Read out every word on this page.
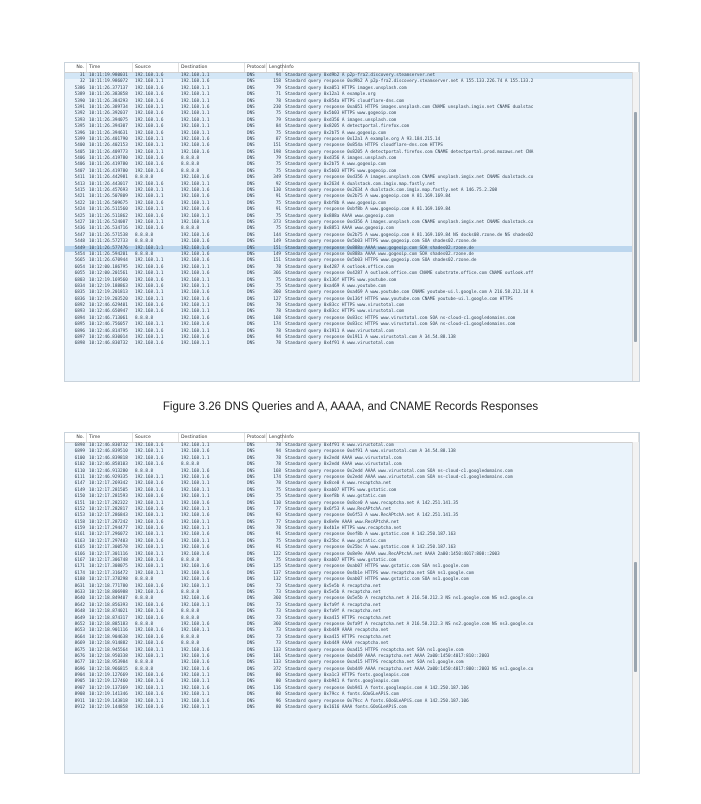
No.	Time	Source	Destination	Protocol Length Info
31 10:11:19.980031	192.168.1.6	192.168.1.1	DNS	94 Standard query 0xd9b2 A p2p-fra2.discovery.steamserver.net
32 10:11:19.986072	192.168.1.1	192.168.1.6	DNS	158 Standard query response 0xd9b2 A p2p-fra2.discovery.steamserver.net A 155.133.226.74 A 155.133.2
5386 10:11:26.377137	192.168.1.6	192.168.1.1	DNS	79 Standard query 0xa051 HTTPS images.unsplash.com
5389 10:11:26.383858	192.168.1.6	192.168.1.1	DNS	71 Standard query 0x12a1 A example.org
5390 10:11:26.384293	192.168.1.6	192.168.1.1	DNS	78 Standard query 0x854a HTTPS cloudflare-dns.com
5391 10:11:26.389734	192.168.1.1	192.168.1.6	DNS	230 Standard query response 0xa051 HTTPS images.unsplash.com CNAME unsplash.imgix.net CNAME dualstac
5392 10:11:26.392037	192.168.1.6	192.168.1.1	DNS	75 Standard query 0x5b03 HTTPS www.gogeoip.com
5393 10:11:26.394075	192.168.1.6	192.168.1.1	DNS	79 Standard query 0xd356 A images.unsplash.com
5395 10:11:26.394307	192.168.1.6	192.168.1.1	DNS	84 Standard query 0x8205 A detectportal.firefox.com
5396 10:11:26.394631	192.168.1.6	192.168.1.1	DNS	75 Standard query 0x2b75 A www.gogeoip.com
5399 10:11:26.401790	192.168.1.1	192.168.1.6	DNS	87 Standard query response 0x12a1 A example.org A 93.184.215.14
5400 10:11:26.402153	192.168.1.1	192.168.1.6	DNS	151 Standard query response 0x854a HTTPS cloudflare-dns.com HTTPS
5405 10:11:26.409773	192.168.1.1	192.168.1.6	DNS	198 Standard query response 0x8205 A detectportal.firefox.com CNAME detectportal.prod.mozaws.net CNA
5406 10:11:26.419780	192.168.1.6	8.8.8.8	DNS	79 Standard query 0xd356 A images.unsplash.com
5406 10:11:26.419780	192.168.1.6	8.8.8.8	DNS	75 Standard query 0x2b75 A www.gogeoip.com
5407 10:11:26.419780	192.168.1.6	8.8.8.8	DNS	75 Standard query 0x5b03 HTTPS www.gogeoip.com
5411 10:11:26.442981	8.8.8.8	192.168.1.6	DNS	349 Standard query response 0xd356 A images.unsplash.com CNAME unsplash.imgix.net CNAME dualstack.co
5413 10:11:26.443017	192.168.1.6	192.168.1.1	DNS	92 Standard query 0x2634 A dualstack.com.imgix.map.fastly.net
5415 10:11:26.457693	192.168.1.1	192.168.1.6	DNS	130 Standard query response 0x2634 A dualstack.com.imgix.map.fastly.net A 146.75.2.208
5421 10:11:26.507809	192.168.1.1	192.168.1.6	DNS	91 Standard query response 0x2b75 A www.gogeoip.com A 81.169.169.84
5422 10:11:26.509675	192.168.1.6	192.168.1.1	DNS	75 Standard query 0xbf8b A www.gogeoip.com
5424 10:11:26.511560	192.168.1.1	192.168.1.6	DNS	91 Standard query response 0xbf8b A www.gogeoip.com A 81.169.169.84
5425 10:11:26.511862	192.168.1.6	192.168.1.1	DNS	75 Standard query 0x888a AAAA www.gogeoip.com
5427 10:11:26.524087	192.168.1.1	192.168.1.6	DNS	373 Standard query response 0xd356 A images.unsplash.com CNAME unsplash.imgix.net CNAME dualstack.co
5436 10:11:26.534716	192.168.1.6	8.8.8.8	DNS	75 Standard query 0x8851 AAAA www.gogeoip.com
5447 10:11:26.571538	8.8.8.8	192.168.1.6	DNS	144 Standard query response 0x2b75 A www.gogeoip.com A 81.169.169.84 NS docks08.rzone.de NS shades02
5448 10:11:26.572733	8.8.8.8	192.168.1.6	DNS	149 Standard query response 0x5b03 HTTPS www.gogeoip.com SOA shades02.rzone.de
5449 10:11:26.577476	192.168.1.1	192.168.1.6	DNS	151 Standard query response 0x888a AAAA www.gogeoip.com SOA shades02.rzone.de
5454 10:11:26.594201	8.8.8.8	192.168.1.6	DNS	149 Standard query response 0x888a AAAA www.gogeoip.com SOA shades02.rzone.de
5665 10:11:26.670944	192.168.1.1	192.168.1.6	DNS	151 Standard query response 0x5b03 HTTPS www.gogeoip.com SOA shades02.rzone.de
6054 10:12:00.186795	192.168.1.6	192.168.1.1	DNS	78 Standard query 0x4287 A outlook.office.com
6055 10:12:00.201561	192.168.1.1	192.168.1.6	DNS	366 Standard query response 0x4287 A outlook.office.com CNAME substrate.office.com CNAME outlook.off
6803 10:12:19.169560	192.168.1.6	192.168.1.1	DNS	75 Standard query 0x136f HTTPS www.youtube.com
6834 10:12:19.188863	192.168.1.6	192.168.1.1	DNS	75 Standard query 0xa469 A www.youtube.com
6835 10:12:19.201813	192.168.1.1	192.168.1.6	DNS	360 Standard query response 0xa469 A www.youtube.com CNAME youtube-ui.l.google.com A 216.58.212.14 A
6836 10:12:19.203520	192.168.1.1	192.168.1.6	DNS	127 Standard query response 0x136f HTTPS www.youtube.com CNAME youtube-ui.l.google.com HTTPS
6892 10:12:46.629401	192.168.1.6	192.168.1.1	DNS	78 Standard query 0x83cc HTTPS www.virustotal.com
6893 10:12:46.650947	192.168.1.6	192.168.1.1	DNS	78 Standard query 0x83cc HTTPS www.virustotal.com
6894 10:12:46.713061	8.8.8.8	192.168.1.6	DNS	168 Standard query response 0x83cc HTTPS www.virustotal.com SOA ns-cloud-c1.googledomains.com
6895 10:12:46.756057	192.168.1.1	192.168.1.6	DNS	174 Standard query response 0x83cc HTTPS www.virustotal.com SOA ns-cloud-c1.googledomains.com
6896 10:12:46.814795	192.168.1.6	192.168.1.1	DNS	78 Standard query 0x1911 A www.virustotal.com
6897 10:12:46.830014	192.168.1.1	192.168.1.6	DNS	94 Standard query response 0x1911 A www.virustotal.com A 34.54.88.138
6898 10:12:46.830732	192.168.1.6	192.168.1.1	DNS	78 Standard query 0x4f91 A www.virustotal.com
Figure 3.26 DNS Queries and A, AAAA, and CNAME Records Responses
No.	Time	Source	Destination	Protocol Length Info
6898 10:12:46.830732	192.168.1.6	192.168.1.1	DNS	78 Standard query 0x4f91 A www.virustotal.com
6899 10:12:46.839510	192.168.1.1	192.168.1.6	DNS	94 Standard query response 0x4f91 A www.virustotal.com A 34.54.88.138
6100 10:12:46.839818	192.168.1.6	192.168.1.1	DNS	78 Standard query 0x2edd AAAA www.virustotal.com
6102 10:12:46.858103	192.168.1.6	8.8.8.8	DNS	78 Standard query 0x2edd AAAA www.virustotal.com
6110 10:12:46.913280	8.8.8.8	192.168.1.6	DNS	168 Standard query response 0x2edd AAAA www.virustotal.com SOA ns-cloud-c1.googledomains.com
6111 10:12:46.929335	192.168.1.1	192.168.1.6	DNS	174 Standard query response 0x2edd AAAA www.virustotal.com SOA ns-cloud-c1.googledomains.com
6147 10:12:17.269342	192.168.1.6	192.168.1.1	DNS	78 Standard query 0x8ce0 A www.recaptcha.net
6149 10:12:17.281505	192.168.1.6	192.168.1.1	DNS	75 Standard query 0xab07 HTTPS www.gstatic.com
6150 10:12:17.281593	192.168.1.6	192.168.1.1	DNS	75 Standard query 0xef8b A www.gstatic.com
6151 10:12:17.282322	192.168.1.1	192.168.1.6	DNS	110 Standard query response 0x8ce0 A www.recaptcha.net A 142.251.141.35
6152 10:12:17.282817	192.168.1.6	192.168.1.1	DNS	77 Standard query 0x6f53 A www.RecAPtchA.net
6153 10:12:17.286843	192.168.1.1	192.168.1.6	DNS	93 Standard query response 0x6f53 A www.RecAPtchA.net A 142.251.141.35
6158 10:12:17.287242	192.168.1.6	192.168.1.1	DNS	77 Standard query 0x8e9e AAAA www.RecAPtchA.net
6159 10:12:17.294477	192.168.1.6	192.168.1.1	DNS	78 Standard query 0x4b1e HTTPS www.recaptcha.net
6161 10:12:17.296072	192.168.1.1	192.168.1.6	DNS	91 Standard query response 0xef8b A www.gstatic.com A 142.250.187.163
6163 10:12:17.297403	192.168.1.6	192.168.1.1	DNS	75 Standard query 0x25bc A www.gstatic.com
6165 10:12:17.300578	192.168.1.1	192.168.1.6	DNS	91 Standard query response 0x25bc A www.gstatic.com A 142.250.187.163
6166 10:12:17.301116	192.168.1.1	192.168.1.6	DNS	122 Standard query response 0x8e9e AAAA www.RecAPtchA.net AAAA 2a00:1450:4017:808::2003
6167 10:12:17.306748	192.168.1.6	8.8.8.8	DNS	75 Standard query 0xab07 HTTPS www.gstatic.com
6171 10:12:17.308075	192.168.1.1	192.168.1.6	DNS	135 Standard query response 0xab07 HTTPS www.gstatic.com SOA ns1.google.com
6174 10:12:17.316472	192.168.1.1	192.168.1.6	DNS	137 Standard query response 0x4b1e HTTPS www.recaptcha.net SOA ns1.google.com
6188 10:12:17.378298	8.8.8.8	192.168.1.6	DNS	132 Standard query response 0xab07 HTTPS www.gstatic.com SOA ns1.google.com
8631 10:12:18.771780	192.168.1.6	192.168.1.1	DNS	73 Standard query 0x5e5b A recaptcha.net
8633 10:12:18.806988	192.168.1.6	8.8.8.8	DNS	73 Standard query 0x5e5b A recaptcha.net
8640 10:12:18.849407	8.8.8.8	192.168.1.6	DNS	360 Standard query response 0x5e5b A recaptcha.net A 216.58.212.3 NS ns1.google.com NS ns2.google.co
8642 10:12:18.856393	192.168.1.6	192.168.1.1	DNS	73 Standard query 0xfa9f A recaptcha.net
8648 10:12:18.874021	192.168.1.6	8.8.8.8	DNS	73 Standard query 0xfa9f A recaptcha.net
8649 10:12:18.874317	192.168.1.6	8.8.8.8	DNS	73 Standard query 0xa415 HTTPS recaptcha.net
8652 10:12:18.885183	8.8.8.8	192.168.1.6	DNS	360 Standard query response 0xfa9f A recaptcha.net A 216.58.212.3 NS ns2.google.com NS ns3.google.co
8653 10:12:18.901116	192.168.1.6	192.168.1.1	DNS	73 Standard query 0xb449 AAAA recaptcha.net
8664 10:12:18.904638	192.168.1.6	8.8.8.8	DNS	73 Standard query 0xa415 HTTPS recaptcha.net
8669 10:12:18.914882	192.168.1.6	8.8.8.8	DNS	73 Standard query 0xb449 AAAA recaptcha.net
8675 10:12:18.945564	192.168.1.1	192.168.1.6	DNS	133 Standard query response 0xa415 HTTPS recaptcha.net SOA ns1.google.com
8676 10:12:18.950338	192.168.1.1	192.168.1.6	DNS	101 Standard query response 0xb449 AAAA recaptcha.net AAAA 2a00:1450:4017:810::2003
8677 10:12:18.953984	8.8.8.8	192.168.1.6	DNS	133 Standard query response 0xa415 HTTPS recaptcha.net SOA ns1.google.com
8696 10:12:18.966815	8.8.8.8	192.168.1.6	DNS	372 Standard query response 0xb449 AAAA recaptcha.net AAAA 2a00:1450:4017:800::2003 NS ns1.google.co
8904 10:12:19.127669	192.168.1.6	192.168.1.1	DNS	80 Standard query 0xa1c3 HTTPS fonts.googleapis.com
8905 10:12:19.127460	192.168.1.6	192.168.1.1	DNS	80 Standard query 0xb941 A fonts.googleapis.com
8907 10:12:19.137369	192.168.1.1	192.168.1.6	DNS	116 Standard query response 0xb941 A fonts.googleapis.com A 142.250.187.106
8908 10:12:19.141346	192.168.1.6	192.168.1.1	DNS	80 Standard query 0x79cc A fonts.GOoGLeAPiS.com
8911 10:12:19.143818	192.168.1.1	192.168.1.6	DNS	96 Standard query response 0x79cc A fonts.GOoGLeAPiS.com A 142.250.187.106
8912 10:12:19.144858	192.168.1.6	192.168.1.1	DNS	80 Standard query 0x1616 AAAA fonts.GOoGLeAPiS.com
